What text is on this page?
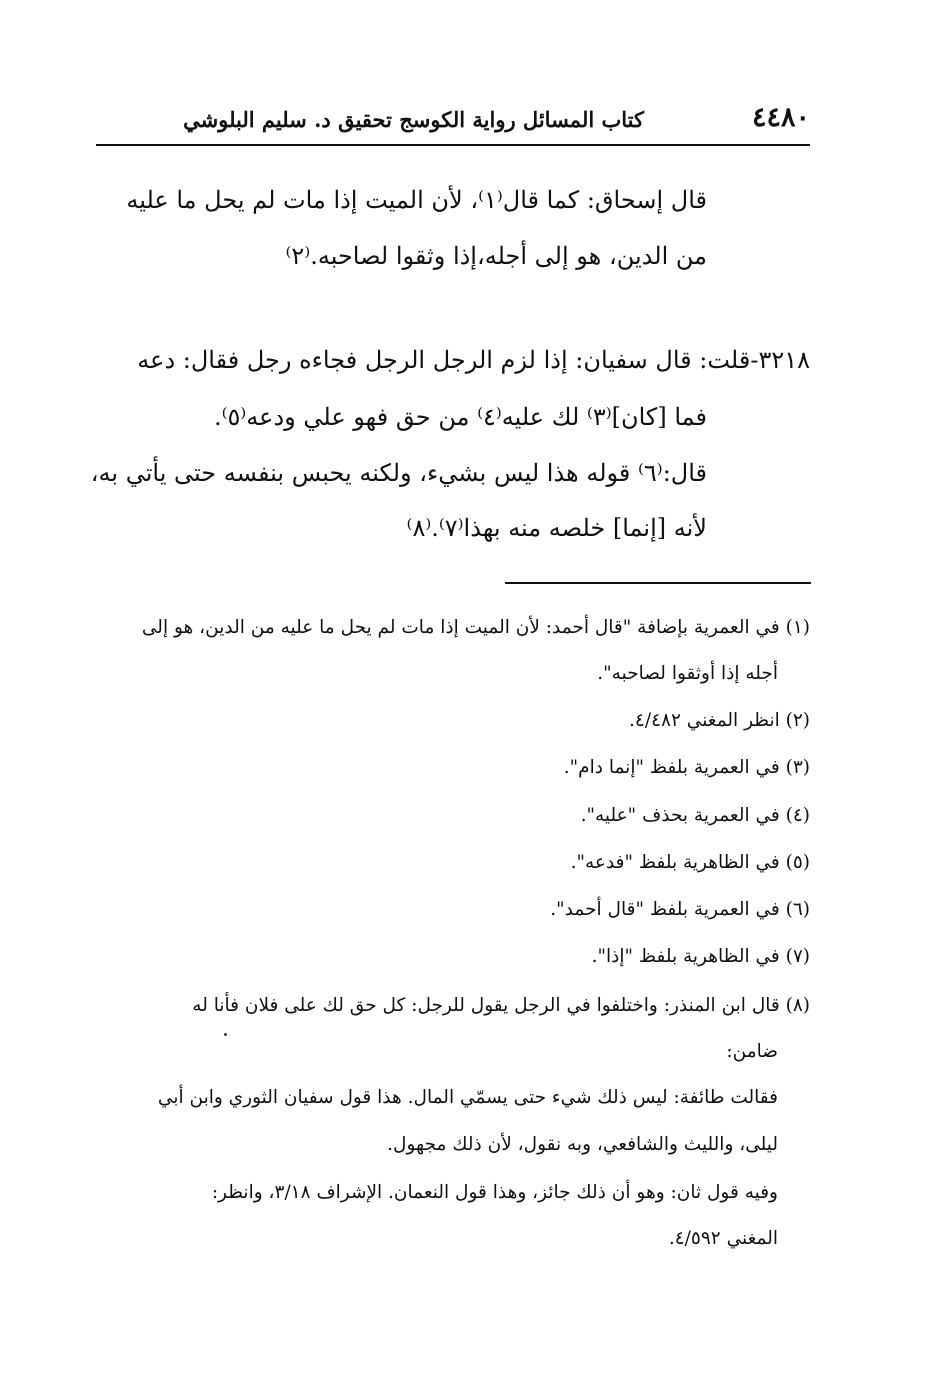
٤٤٨٠
كتاب المسائل رواية الكوسج تحقيق د. سليم البلوشي
قال إسحاق: كما قال⁽١⁾، لأن الميت إذا مات لم يحل ما عليه
من الدين، هو إلى أجله،إذا وثقوا لصاحبه.⁽٢⁾
٣٢١٨-قلت: قال سفيان: إذا لزم الرجل الرجل فجاءه رجل فقال: دعه
فما [كان]⁽٣⁾ لك عليه⁽٤⁾ من حق فهو علي ودعه⁽٥⁾.
قال:⁽٦⁾ قوله هذا ليس بشيء، ولكنه يحبس بنفسه حتى يأتي به،
لأنه [إنما] خلصه منه بهذا⁽٧⁾.⁽٨⁾
(١) في العمرية بإضافة "قال أحمد: لأن الميت إذا مات لم يحل ما عليه من الدين، هو إلى
أجله إذا أوثقوا لصاحبه".
(٢) انظر المغني ٤/٤٨٢.
(٣) في العمرية بلفظ "إنما دام".
(٤) في العمرية بحذف "عليه".
(٥) في الظاهرية بلفظ "فدعه".
(٦) في العمرية بلفظ "قال أحمد".
(٧) في الظاهرية بلفظ "إذا".
(٨) قال ابن المنذر: واختلفوا في الرجل يقول للرجل: كل حق لك على فلان فأنا له
ضامن:
فقالت طائفة: ليس ذلك شيء حتى يسمّي المال. هذا قول سفيان الثوري وابن أبي
ليلى، والليث والشافعي، وبه نقول، لأن ذلك مجهول.
وفيه قول ثان: وهو أن ذلك جائز، وهذا قول النعمان. الإشراف ٣/١٨، وانظر:
المغني ٤/٥٩٢.
